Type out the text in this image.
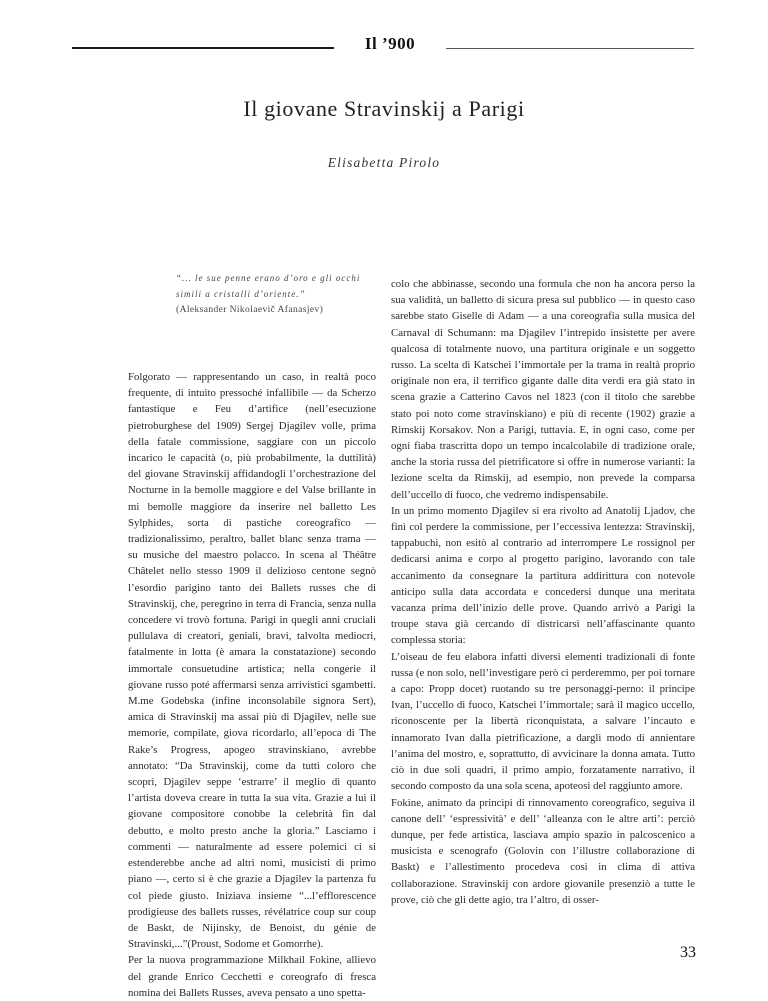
Il ’900
Il giovane Stravinskij a Parigi
Elisabetta Pirolo
“... le sue penne erano d’oro e gli occhi simili a cristalli d’oriente.”
(Aleksander Nikolaevič Afanasjev)

Folgorato — rappresentando un caso, in realtà poco frequente, di intuito pressoché infallibile — da Scherzo fantastique e Feu d’artifice (nell’esecuzione pietroburghese del 1909) Sergej Djagilev volle, prima della fatale commissione, saggiare con un piccolo incarico le capacità (o, più probabilmente, la duttilità) del giovane Stravinskij affidandogli l’orchestrazione del Nocturne in la bemolle maggiore e del Valse brillante in mi bemolle maggiore da inserire nel balletto Les Sylphides, sorta di pastiche coreografico — tradizionalissimo, peraltro, ballet blanc senza trama — su musiche del maestro polacco. In scena al Théâtre Châtelet nello stesso 1909 il delizioso centone segnò l’esordio parigino tanto dei Ballets russes che di Stravinskij, che, peregrino in terra di Francia, senza nulla concedere vi trovò fortuna. Parigi in quegli anni cruciali pullulava di creatori, geniali, bravi, talvolta mediocri, fatalmente in lotta (è amara la constatazione) secondo immortale consuetudine artistica; nella congerie il giovane russo poté affermarsi senza arrivistici sgambetti. M.me Godebska (infine inconsolabile signora Sert), amica di Stravinskij ma assai più di Djagilev, nelle sue memorie, compilate, giova ricordarlo, all’epoca di The Rake’s Progress, apogeo stravinskiano, avrebbe annotato: “Da Stravinskij, come da tutti coloro che scoprì, Djagilev seppe ‘estrarre’ il meglio di quanto l’artista doveva creare in tutta la sua vita. Grazie a lui il giovane compositore conobbe la celebrità fin dal debutto, e molto presto anche la gloria.” Lasciamo i commenti — naturalmente ad essere polemici ci si estenderebbe anche ad altri nomi, musicisti di primo piano —, certo si è che grazie a Djagilev la partenza fu col piede giusto. Iniziava insieme “...l’efflorescence prodigieuse des ballets russes, révélatrice coup sur coup de Baskt, de Nijinsky, de Benoist, du génie de Stravinski,...”(Proust, Sodome et Gomorrhe).

Per la nuova programmazione Milkhail Fokine, allievo del grande Enrico Cecchetti e coreografo di fresca nomina dei Ballets Russes, aveva pensato a uno spetta-

colo che abbinasse, secondo una formula che non ha ancora perso la sua validità, un balletto di sicura presa sul pubblico — in questo caso sarebbe stato Giselle di Adam — a una coreografia sulla musica del Carnaval di Schumann: ma Djagilev l’intrepido insistette per avere qualcosa di totalmente nuovo, una partitura originale e un soggetto russo. La scelta di Katschei l’immortale per la trama in realtà proprio originale non era, il terrifico gigante dalle dita verdi era già stato in scena grazie a Catterino Cavos nel 1823 (con il titolo che sarebbe stato poi noto come stravinskiano) e più di recente (1902) grazie a Rimskij Korsakov. Non a Parigi, tuttavia. E, in ogni caso, come per ogni fiaba trascritta dopo un tempo incalcolabile di tradizione orale, anche la storia russa del pietrificatore si offre in numerose varianti: la lezione scelta da Rimskij, ad esempio, non prevede la comparsa dell’uccello di fuoco, che vedremo indispensabile.

In un primo momento Djagilev si era rivolto ad Anatolij Ljadov, che finì col perdere la commissione, per l’eccessiva lentezza: Stravinskij, tappabuchi, non esitò al contrario ad interrompere Le rossignol per dedicarsi anima e corpo al progetto parigino, lavorando con tale accanimento da consegnare la partitura addirittura con notevole anticipo sulla data accordata e concedersi dunque una meritata vacanza prima dell’inizio delle prove. Quando arrivò a Parigi la troupe stava già cercando di districarsi nell’affascinante quanto complessa storia:

L’oiseau de feu elabora infatti diversi elementi tradizionali di fonte russa (e non solo, nell’investigare però ci perderemmo, per poi tornare a capo: Propp docet) ruotando su tre personaggi-perno: il principe Ivan, l’uccello di fuoco, Katschei l’immortale; sarà il magico uccello, riconoscente per la libertà riconquistata, a salvare l’incauto e innamorato Ivan dalla pietrificazione, a dargli modo di annientare l’anima del mostro, e, soprattutto, di avvicinare la donna amata. Tutto ciò in due soli quadri, il primo ampio, forzatamente narrativo, il secondo composto da una sola scena, apoteosi del raggiunto amore.

Fokine, animato da princìpi di rinnovamento coreografico, seguiva il canone dell’ ‘espressività’ e dell’ ‘alleanza con le altre arti’: perciò dunque, per fede artistica, lasciava ampio spazio in palcoscenico a musicista e scenografo (Golovin con l’illustre collaborazione di Baskt) e l’allestimento procedeva così in clima di attiva collaborazione. Stravinskij con ardore giovanile presenziò a tutte le prove, ciò che gli dette agio, tra l’altro, di osser-

33
